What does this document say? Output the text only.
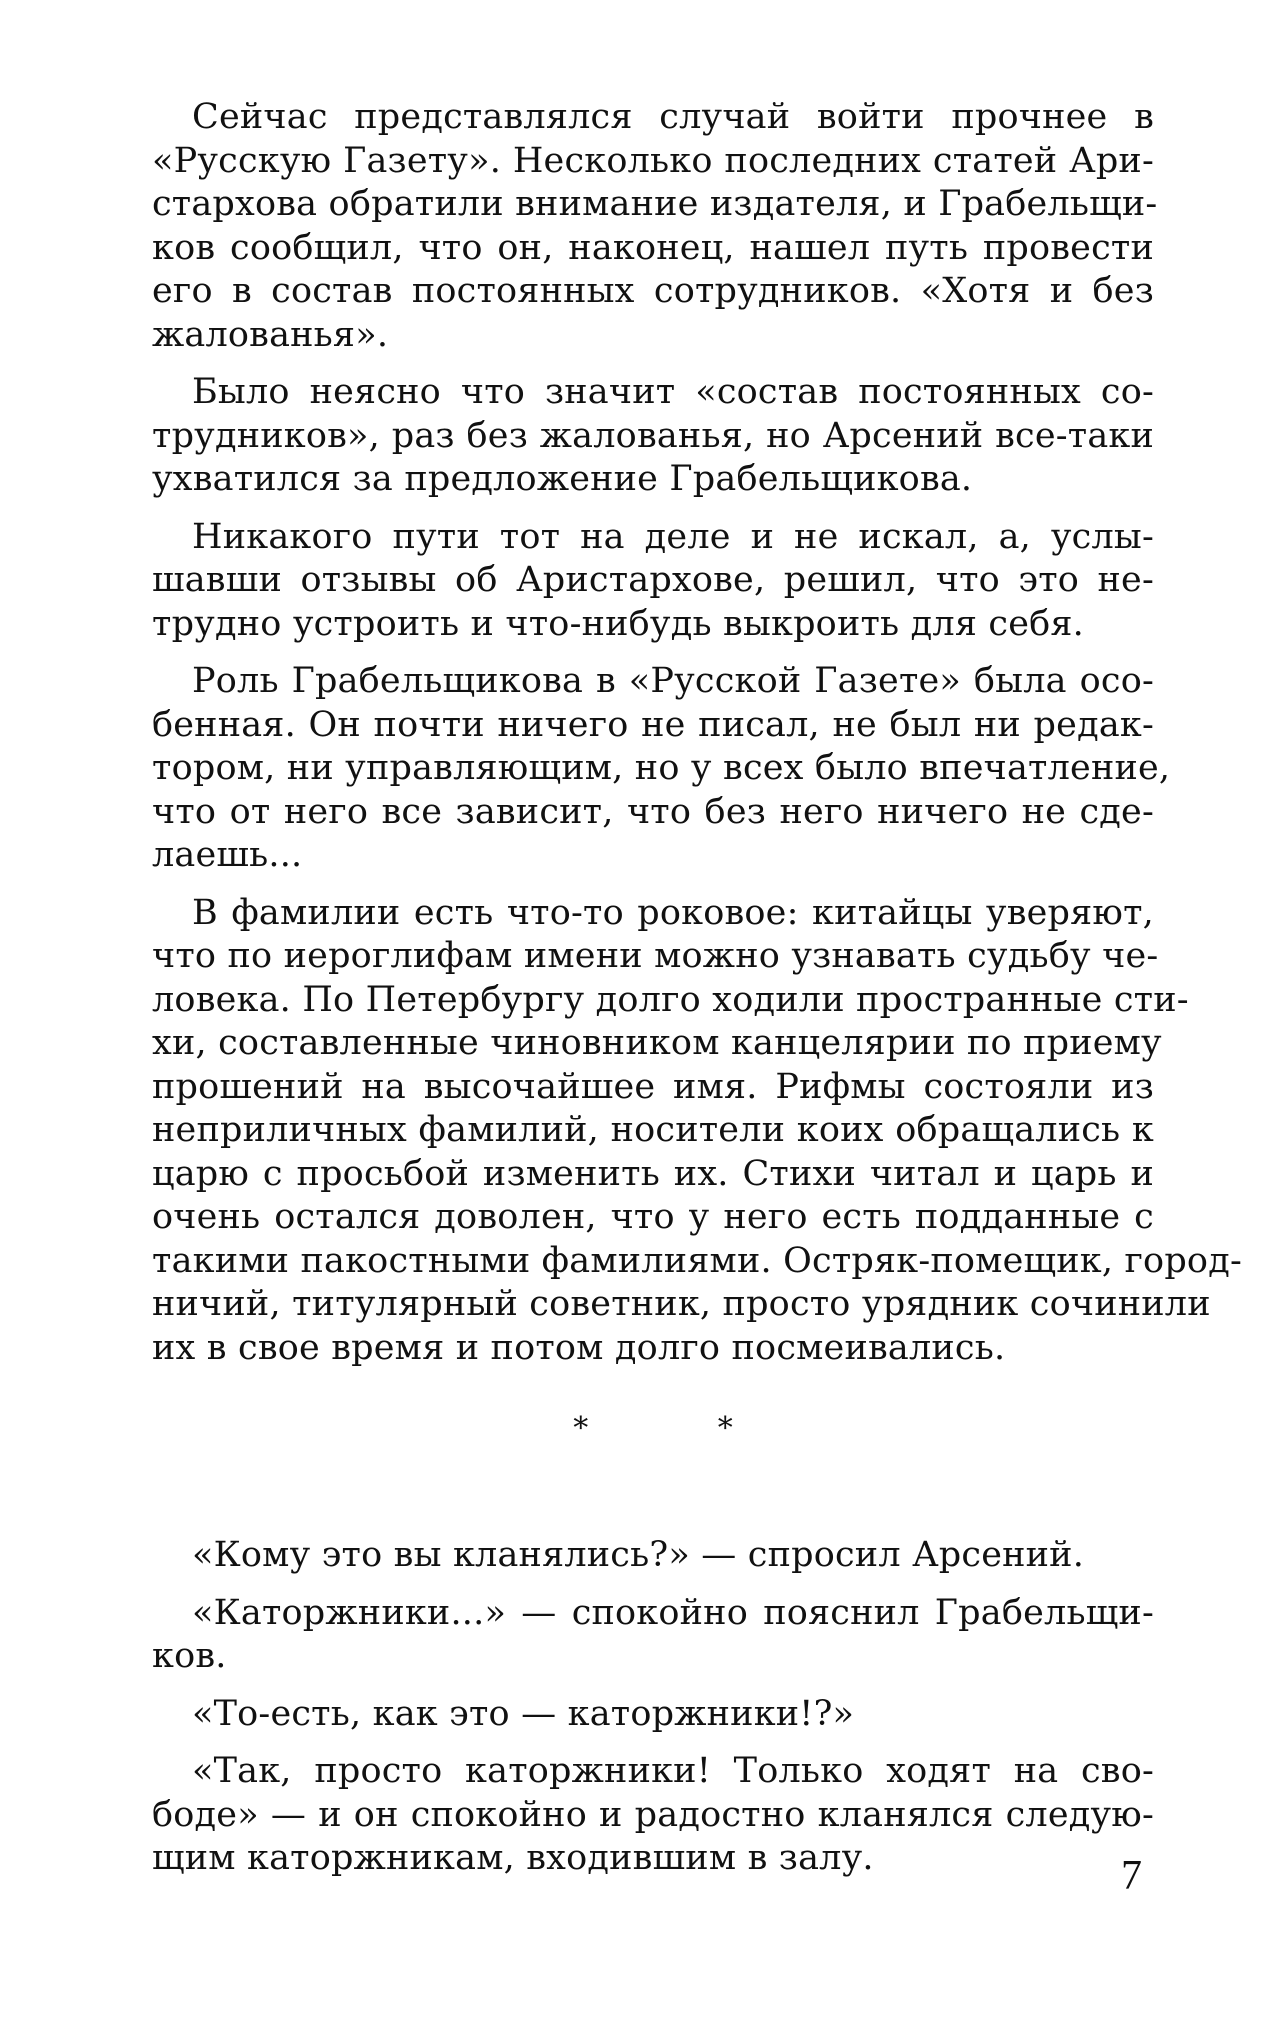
Сейчас представлялся случай войти прочнее в
«Русскую Газету». Несколько последних статей Ари-
стархова обратили внимание издателя, и Грабельщи-
ков сообщил, что он, наконец, нашел путь провести
его в состав постоянных сотрудников. «Хотя и без
жалованья».
Было неясно что значит «состав постоянных со-
трудников», раз без жалованья, но Арсений все-таки
ухватился за предложение Грабельщикова.
Никакого пути тот на деле и не искал, а, услы-
шавши отзывы об Аристархове, решил, что это не-
трудно устроить и что-нибудь выкроить для себя.
Роль Грабельщикова в «Русской Газете» была осо-
бенная. Он почти ничего не писал, не был ни редак-
тором, ни управляющим, но у всех было впечатление,
что от него все зависит, что без него ничего не сде-
лаешь...
В фамилии есть что-то роковое: китайцы уверяют,
что по иероглифам имени можно узнавать судьбу че-
ловека. По Петербургу долго ходили пространные сти-
хи, составленные чиновником канцелярии по приему
прошений на высочайшее имя. Рифмы состояли из
неприличных фамилий, носители коих обращались к
царю с просьбой изменить их. Стихи читал и царь и
очень остался доволен, что у него есть подданные с
такими пакостными фамилиями. Остряк-помещик, город-
ничий, титулярный советник, просто урядник сочинили
их в свое время и потом долго посмеивались.
* *
«Кому это вы кланялись?» — спросил Арсений.
«Каторжники...» — спокойно пояснил Грабельщи-
ков.
«То-есть, как это — каторжники!?»
«Так, просто каторжники! Только ходят на сво-
боде» — и он спокойно и радостно кланялся следую-
щим каторжникам, входившим в залу.	7
